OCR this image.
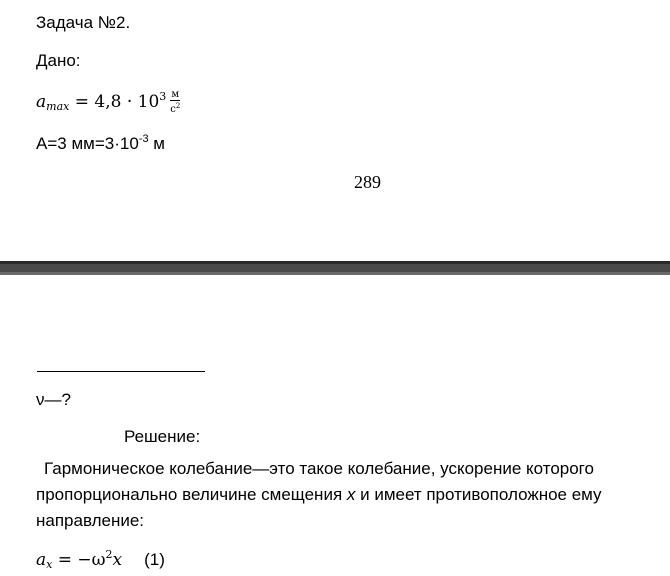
Задача №2.
Дано:
$a_{max} = 4,8 \cdot 10^3 \frac{м}{с^2}$
A=3 $мм=3\cdot 10^{-3}$ м
289
ν—?
Решение:
Гармоническое колебание—это такое колебание, ускорение которого
пропорционально величине смещения x и имеет противоположное ему
направление:
$a_x = -\omega^2x$ (1)
